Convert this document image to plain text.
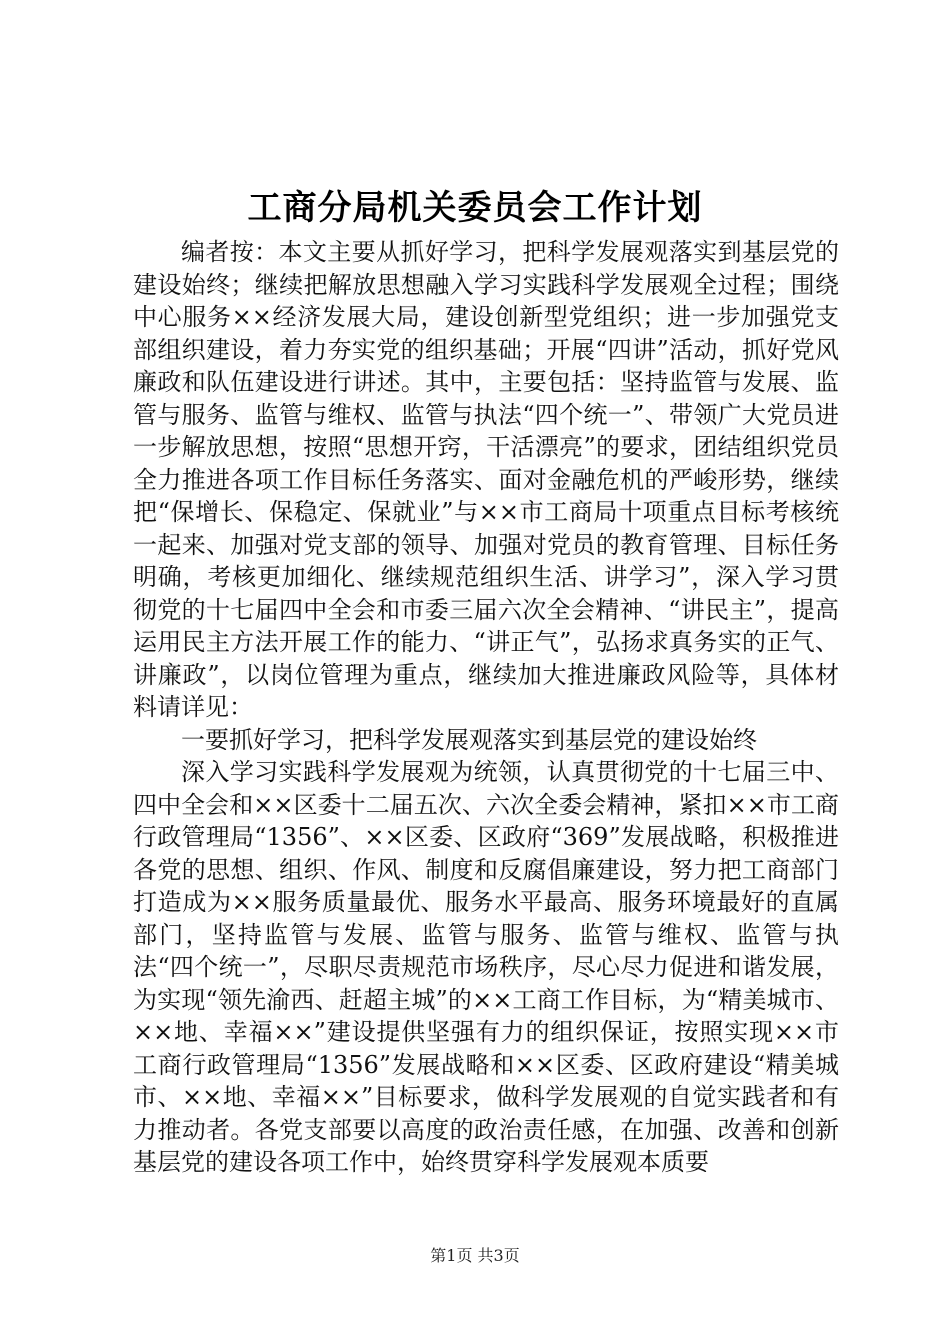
工商分局机关委员会工作计划

编者按：本文主要从抓好学习，把科学发展观落实到基层党的建设始终；继续把解放思想融入学习实践科学发展观全过程；围绕中心服务××经济发展大局，建设创新型党组织；进一步加强党支部组织建设，着力夯实党的组织基础；开展“四讲”活动，抓好党风廉政和队伍建设进行讲述。其中，主要包括：坚持监管与发展、监管与服务、监管与维权、监管与执法“四个统一”、带领广大党员进一步解放思想，按照“思想开窍，干活漂亮”的要求，团结组织党员全力推进各项工作目标任务落实、面对金融危机的严峻形势，继续把“保增长、保稳定、保就业”与××市工商局十项重点目标考核统一起来、加强对党支部的领导、加强对党员的教育管理、目标任务明确，考核更加细化、继续规范组织生活、讲学习”，深入学习贯彻党的十七届四中全会和市委三届六次全会精神、“讲民主”，提高运用民主方法开展工作的能力、“讲正气”，弘扬求真务实的正气、讲廉政”，以岗位管理为重点，继续加大推进廉政风险等，具体材料请详见：

一要抓好学习，把科学发展观落实到基层党的建设始终

深入学习实践科学发展观为统领，认真贯彻党的十七届三中、四中全会和××区委十二届五次、六次全委会精神，紧扣××市工商行政管理局“1356”、××区委、区政府“369”发展战略，积极推进各党的思想、组织、作风、制度和反腐倡廉建设，努力把工商部门打造成为××服务质量最优、服务水平最高、服务环境最好的直属部门，坚持监管与发展、监管与服务、监管与维权、监管与执法“四个统一”，尽职尽责规范市场秩序，尽心尽力促进和谐发展，为实现“领先渝西、赶超主城”的××工商工作目标，为“精美城市、××地、幸福××”建设提供坚强有力的组织保证，按照实现××市工商行政管理局“1356”发展战略和××区委、区政府建设“精美城市、××地、幸福××”目标要求，做科学发展观的自觉实践者和有力推动者。各党支部要以高度的政治责任感，在加强、改善和创新基层党的建设各项工作中，始终贯穿科学发展观本质要

第1页 共3页
